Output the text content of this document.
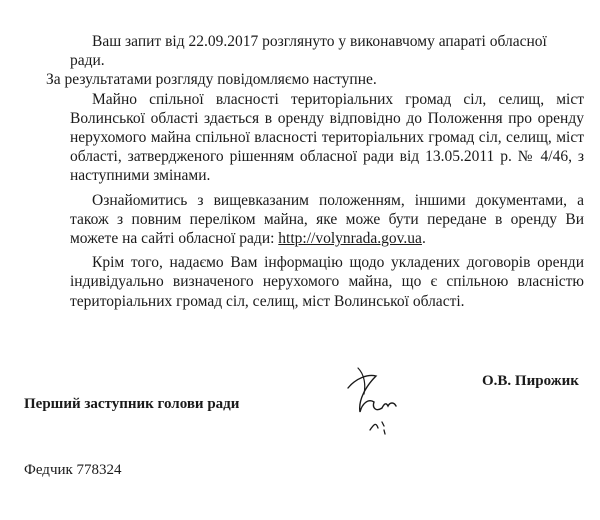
Ваш запит від 22.09.2017 розглянуто у виконавчому апараті обласної ради.

За результатами розгляду повідомляємо наступне.

Майно спільної власності територіальних громад сіл, селищ, міст Волинської області здається в оренду відповідно до Положення про оренду нерухомого майна спільної власності територіальних громад сіл, селищ, міст області, затвердженого рішенням обласної ради від 13.05.2011 р. № 4/46, з наступними змінами.

Ознайомитись з вищевказаним положенням, іншими документами, а також з повним переліком майна, яке може бути передане в оренду Ви можете на сайті обласної ради: http://volynrada.gov.ua.

Крім того, надаємо Вам інформацію щодо укладених договорів оренди індивідуально визначеного нерухомого майна, що є спільною власністю територіальних громад сіл, селищ, міст Волинської області.

Перший заступник голови ради
О.В. Пирожик
Федчик 778324
